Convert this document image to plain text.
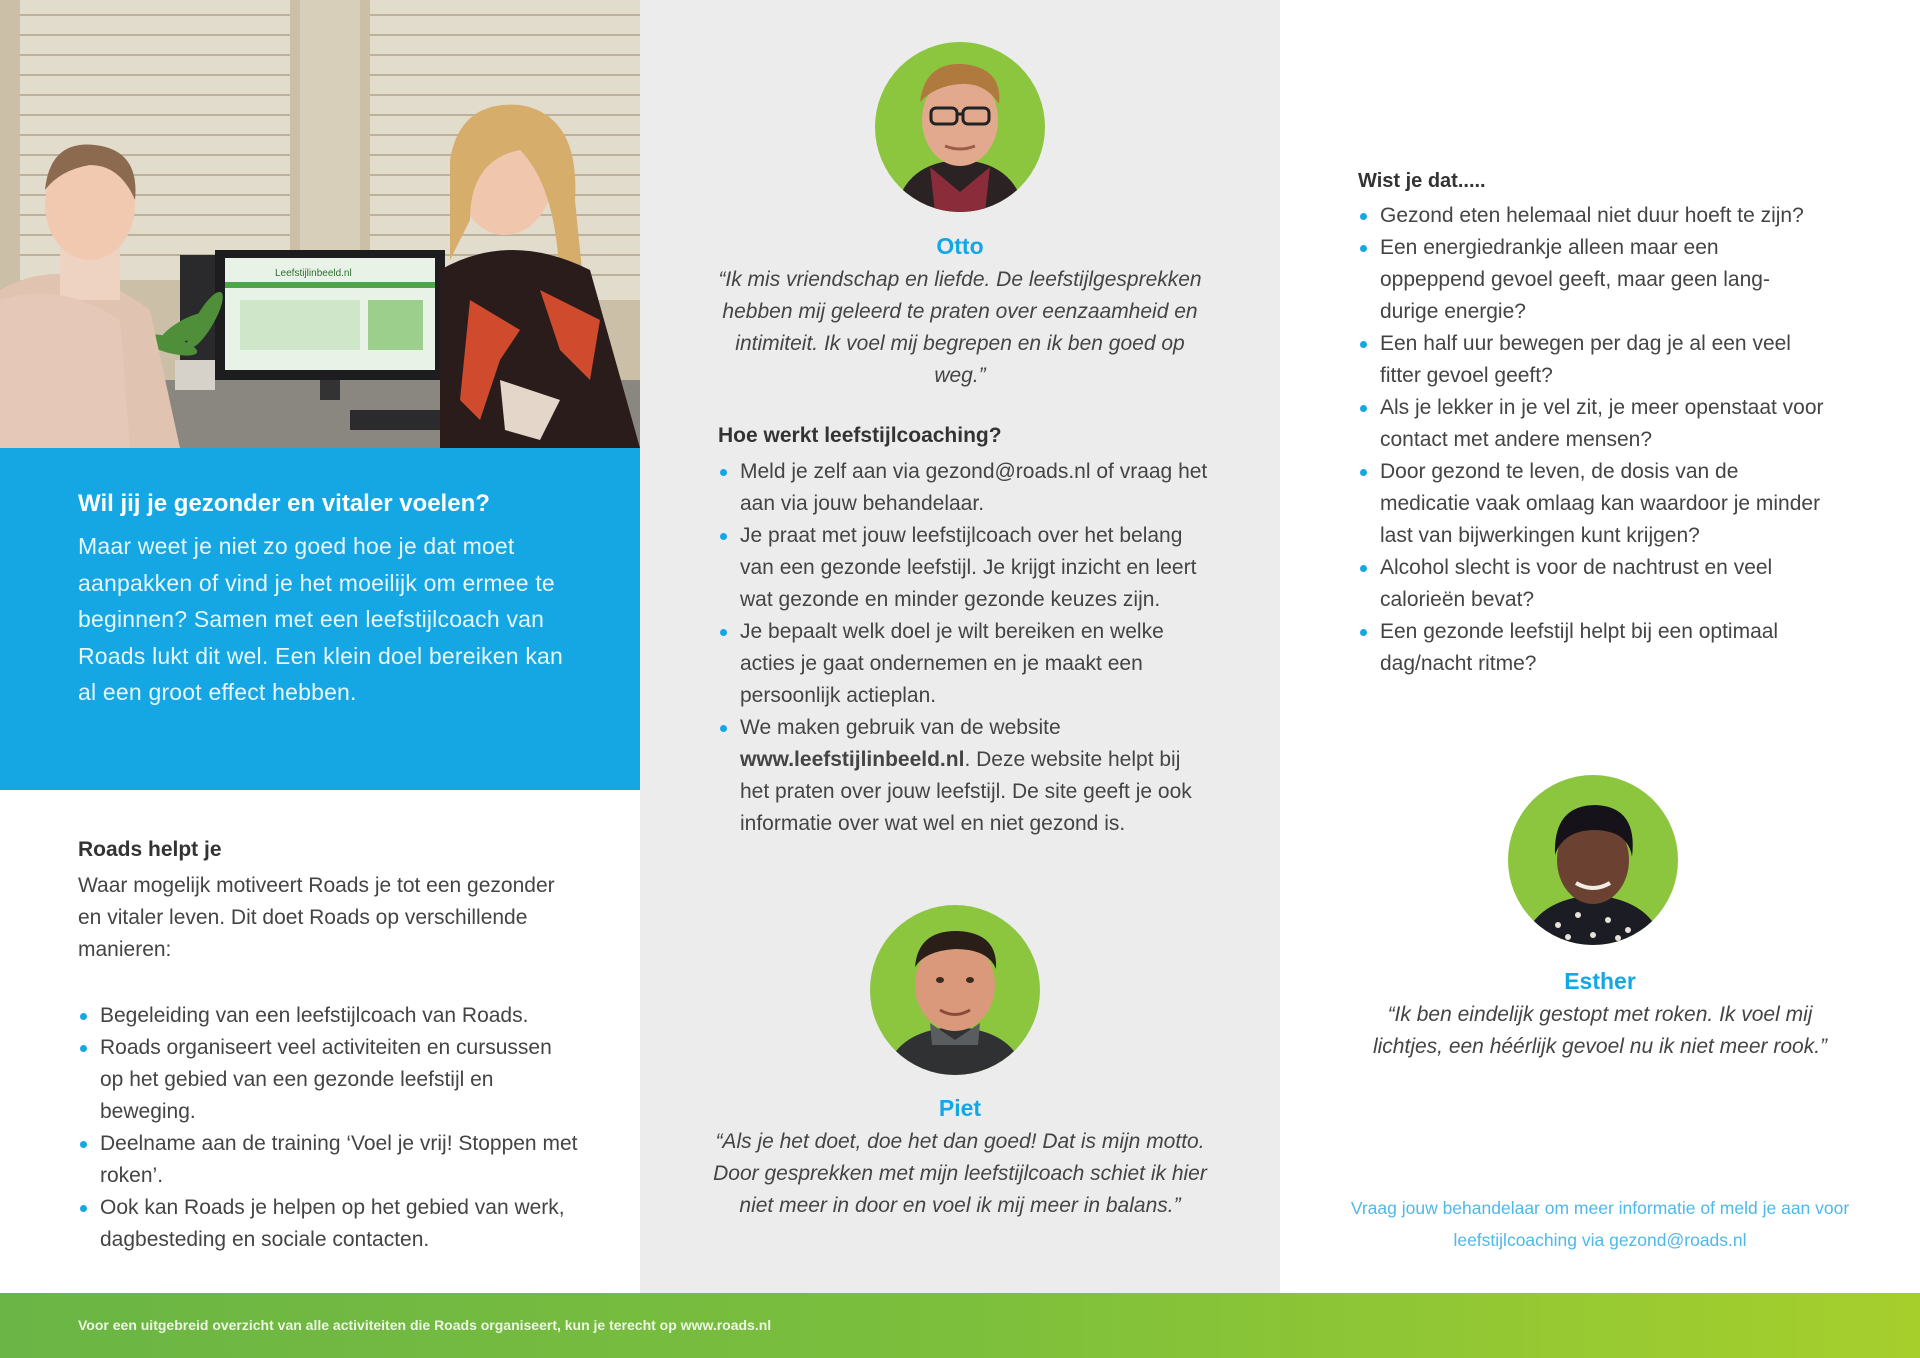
Leefstijlinbeeld.nl
Wil jij je gezonder en vitaler voelen?
Maar weet je niet zo goed hoe je dat moet aanpakken of vind je het moeilijk om ermee te beginnen? Samen met een leefstijlcoach van Roads lukt dit wel. Een klein doel bereiken kan al een groot effect hebben.
Roads helpt je
Waar mogelijk motiveert Roads je tot een gezonder en vitaler leven. Dit doet Roads op verschillende manieren:
Begeleiding van een leefstijlcoach van Roads.
Roads organiseert veel activiteiten en cursussen op het gebied van een gezonde leefstijl en beweging.
Deelname aan de training ‘Voel je vrij! Stoppen met roken’.
Ook kan Roads je helpen op het gebied van werk, dagbesteding en sociale contacten.
Otto
“Ik mis vriendschap en liefde. De leefstijlgesprekken hebben mij geleerd te praten over eenzaamheid en intimiteit. Ik voel mij begrepen en ik ben goed op weg.”
Hoe werkt leefstijlcoaching?
Meld je zelf aan via gezond@roads.nl of vraag het aan via jouw behandelaar.
Je praat met jouw leefstijlcoach over het belang van een gezonde leefstijl. Je krijgt inzicht en leert wat gezonde en minder gezonde keuzes zijn.
Je bepaalt welk doel je wilt bereiken en welke acties je gaat ondernemen en je maakt een persoonlijk actieplan.
We maken gebruik van de website www.leefstijlinbeeld.nl. Deze website helpt bij het praten over jouw leefstijl. De site geeft je ook informatie over wat wel en niet gezond is.
Piet
“Als je het doet, doe het dan goed! Dat is mijn motto. Door gesprekken met mijn leefstijlcoach schiet ik hier niet meer in door en voel ik mij meer in balans.”
Wist je dat.....
Gezond eten helemaal niet duur hoeft te zijn?
Een energiedrankje alleen maar een oppeppend gevoel geeft, maar geen lang-durige energie?
Een half uur bewegen per dag je al een veel fitter gevoel geeft?
Als je lekker in je vel zit, je meer openstaat voor contact met andere mensen?
Door gezond te leven, de dosis van de medicatie vaak omlaag kan waardoor je minder last van bijwerkingen kunt krijgen?
Alcohol slecht is voor de nachtrust en veel calorieën bevat?
Een gezonde leefstijl helpt bij een optimaal dag/nacht ritme?
Esther
“Ik ben eindelijk gestopt met roken. Ik voel mij lichtjes, een héérlijk gevoel nu ik niet meer rook.”
Vraag jouw behandelaar om meer informatie of meld je aan voor leefstijlcoaching via gezond@roads.nl
Voor een uitgebreid overzicht van alle activiteiten die Roads organiseert, kun je terecht op www.roads.nl
